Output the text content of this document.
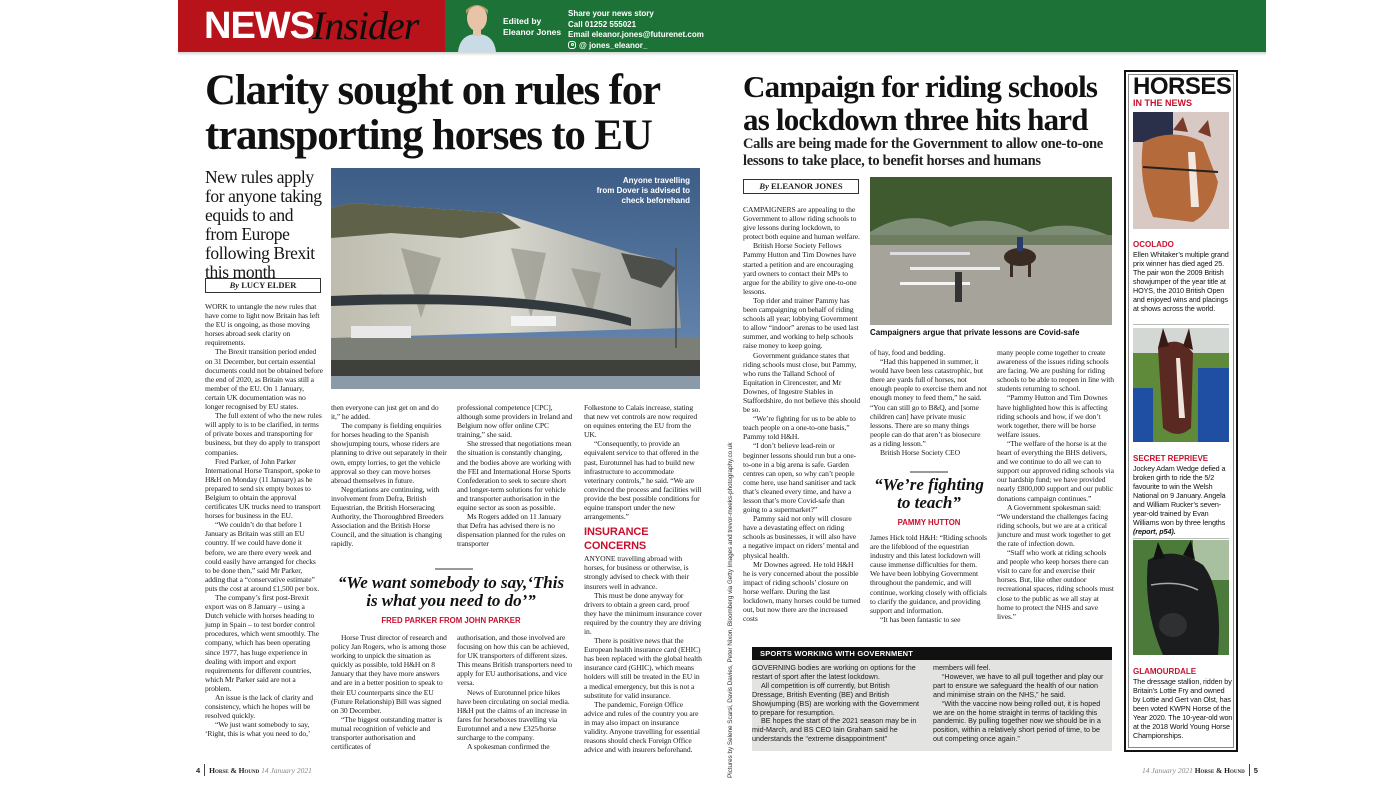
NEWS
Insider	Edited by
Eleanor Jones
Share your news story
Call 01252 555021
Email eleanor.jones@futurenet.com
@ jones_eleanor_
Clarity sought on rules for
transporting horses to EU
New rules apply for anyone taking equids to and from Europe following Brexit this month
By LUCY ELDER
Anyone travelling
from Dover is advised to
check beforehand

WORK to untangle the new rules that have come to light now Britain has left the EU is ongoing, as those moving horses abroad seek clarity on requirements.

The Brexit transition period ended on 31 December, but certain essential documents could not be obtained before the end of 2020, as Britain was still a member of the EU. On 1 January, certain UK documentation was no longer recognised by EU states.

The full extent of who the new rules will apply to is to be clarified, in terms of private boxes and transporting for business, but they do apply to transport companies.

Fred Parker, of John Parker International Horse Transport, spoke to H&H on Monday (11 January) as he prepared to send six empty boxes to Belgium to obtain the approval certificates UK trucks need to transport horses for business in the EU.

“We couldn’t do that before 1 January as Britain was still an EU country. If we could have done it before, we are there every week and could easily have arranged for checks to be done then,” said Mr Parker, adding that a “conservative estimate” puts the cost at around £1,500 per box.

The company’s first post-Brexit export was on 8 January – using a Dutch vehicle with horses heading to jump in Spain – to test border control procedures, which went smoothly. The company, which has been operating since 1977, has huge experience in dealing with import and export requirements for different countries, which Mr Parker said are not a problem.

An issue is the lack of clarity and consistency, which he hopes will be resolved quickly.

“We just want somebody to say, ‘Right, this is what you need to do,’

then everyone can just get on and do it,” he added.

The company is fielding enquiries for horses heading to the Spanish showjumping tours, whose riders are planning to drive out separately in their own, empty lorries, to get the vehicle approval so they can move horses abroad themselves in future.

Negotiations are continuing, with involvement from Defra, British Equestrian, the British Horseracing Authority, the Thoroughbred Breeders Association and the British Horse Council, and the situation is changing rapidly.

professional competence [CPC], although some providers in Ireland and Belgium now offer online CPC training,” she said.

She stressed that negotiations mean the situation is constantly changing, and the bodies above are working with the FEI and International Horse Sports Confederation to seek to secure short and longer-term solutions for vehicle and transporter authorisation in the equine sector as soon as possible.

Ms Rogers added on 11 January that Defra has advised there is no dispensation planned for the rules on transporter

“We want somebody to say,‘This
is what you need to do’”
FRED PARKER FROM JOHN PARKER

Horse Trust director of research and policy Jan Rogers, who is among those working to unpick the situation as quickly as possible, told H&H on 8 January that they have more answers and are in a better position to speak to their EU counterparts since the EU (Future Relationship) Bill was signed on 30 December.

“The biggest outstanding matter is mutual recognition of vehicle and transporter authorisation and certificates of

authorisation, and those involved are focusing on how this can be achieved, for UK transporters of different sizes. This means British transporters need to apply for EU authorisations, and vice versa.

News of Eurotunnel price hikes have been circulating on social media. H&H put the claims of an increase in fares for horseboxes travelling via Eurotunnel and a new £325/horse surcharge to the company.

A spokesman confirmed the

Folkestone to Calais increase, stating that new vet controls are now required on equines entering the EU from the UK.

“Consequently, to provide an equivalent service to that offered in the past, Eurotunnel has had to build new infrastructure to accommodate veterinary controls,” he said. “We are convinced the process and facilities will provide the best possible conditions for equine transport under the new arrangements.”

INSURANCE CONCERNS

ANYONE travelling abroad with horses, for business or otherwise, is strongly advised to check with their insurers well in advance.

This must be done anyway for drivers to obtain a green card, proof they have the minimum insurance cover required by the country they are driving in.

There is positive news that the European health insurance card (EHIC) has been replaced with the global health insurance card (GHIC), which means holders will still be treated in the EU in a medical emergency, but this is not a substitute for valid insurance.

The pandemic, Foreign Office advice and rules of the country you are in may also impact on insurance validity. Anyone travelling for essential reasons should check Foreign Office advice and with insurers beforehand.

4 Horse & Hound 14 January 2021
Campaign for riding schools
as lockdown three hits hard
Calls are being made for the Government to allow one-to-one lessons to take place, to benefit horses and humans
By ELEANOR JONES
Campaigners argue that private lessons are Covid-safe
Pictures by Selene Scarsi, Davis Davies, Peter Nixon, Bloomberg via Getty Images and trevor-meeks-photography.co.uk

CAMPAIGNERS are appealing to the Government to allow riding schools to give lessons during lockdown, to protect both equine and human welfare.

British Horse Society Fellows Pammy Hutton and Tim Downes have started a petition and are encouraging yard owners to contact their MPs to argue for the ability to give one-to-one lessons.

Top rider and trainer Pammy has been campaigning on behalf of riding schools all year; lobbying Government to allow “indoor” arenas to be used last summer, and working to help schools raise money to keep going.

Government guidance states that riding schools must close, but Pammy, who runs the Talland School of Equitation in Cirencester, and Mr Downes, of Ingestre Stables in Staffordshire, do not believe this should be so.

“We’re fighting for us to be able to teach people on a one-to-one basis,” Pammy told H&H.

“I don’t believe lead-rein or beginner lessons should run but a one-to-one in a big arena is safe. Garden centres can open, so why can’t people come here, use hand sanitiser and tack that’s cleaned every time, and have a lesson that’s more Covid-safe than going to a supermarket?”

Pammy said not only will closure have a devastating effect on riding schools as businesses, it will also have a negative impact on riders’ mental and physical health.

Mr Downes agreed. He told H&H he is very concerned about the possible impact of riding schools’ closure on horse welfare. During the last lockdown, many horses could be turned out, but now there are the increased costs

of hay, food and bedding.

“Had this happened in summer, it would have been less catastrophic, but there are yards full of horses, not enough people to exercise them and not enough money to feed them,” he said. “You can still go to B&Q, and [some children can] have private music lessons. There are so many things people can do that aren’t as biosecure as a riding lesson.”

British Horse Society CEO

“We’re fighting
to teach”
PAMMY HUTTON

James Hick told H&H: “Riding schools are the lifeblood of the equestrian industry and this latest lockdown will cause immense difficulties for them. We have been lobbying Government throughout the pandemic, and will continue, working closely with officials to clarify the guidance, and providing support and information.

“It has been fantastic to see

many people come together to create awareness of the issues riding schools are facing. We are pushing for riding schools to be able to reopen in line with students returning to school.

“Pammy Hutton and Tim Downes have highlighted how this is affecting riding schools and how, if we don’t work together, there will be horse welfare issues.

“The welfare of the horse is at the heart of everything the BHS delivers, and we continue to do all we can to support our approved riding schools via our hardship fund; we have provided nearly £800,000 support and our public donations campaign continues.”

A Government spokesman said: “We understand the challenges facing riding schools, but we are at a critical juncture and must work together to get the rate of infection down.

“Staff who work at riding schools and people who keep horses there can visit to care for and exercise their horses. But, like other outdoor recreational spaces, riding schools must close to the public as we all stay at home to protect the NHS and save lives.”

SPORTS WORKING WITH GOVERNMENT

GOVERNING bodies are working on options for the restart of sport after the latest lockdown.

All competition is off currently, but British Dressage, British Eventing (BE) and British Showjumping (BS) are working with the Government to prepare for resumption.

BE hopes the start of the 2021 season may be in mid-March, and BS CEO Iain Graham said he understands the “extreme disappointment”

members will feel.

“However, we have to all pull together and play our part to ensure we safeguard the health of our nation and minimise strain on the NHS,” he said.

“With the vaccine now being rolled out, it is hoped we are on the home straight in terms of tackling this pandemic. By pulling together now we should be in a position, within a relatively short period of time, to be out competing once again.”

HORSES
IN THE NEWS
OCOLADO
Ellen Whitaker’s multiple grand prix winner has died aged 25. The pair won the 2009 British showjumper of the year title at HOYS, the 2010 British Open and enjoyed wins and placings at shows across the world.
SECRET REPRIEVE
Jockey Adam Wedge defied a broken girth to ride the 5/2 favourite to win the Welsh National on 9 January. Angela and William Rucker’s seven-year-old trained by Evan Williams won by three lengths (report, p54).
GLAMOURDALE
The dressage stallion, ridden by Britain’s Lottie Fry and owned by Lottie and Gert van Olst, has been voted KWPN Horse of the Year 2020. The 10-year-old won at the 2018 World Young Horse Championships.
14 January 2021 Horse & Hound 5
